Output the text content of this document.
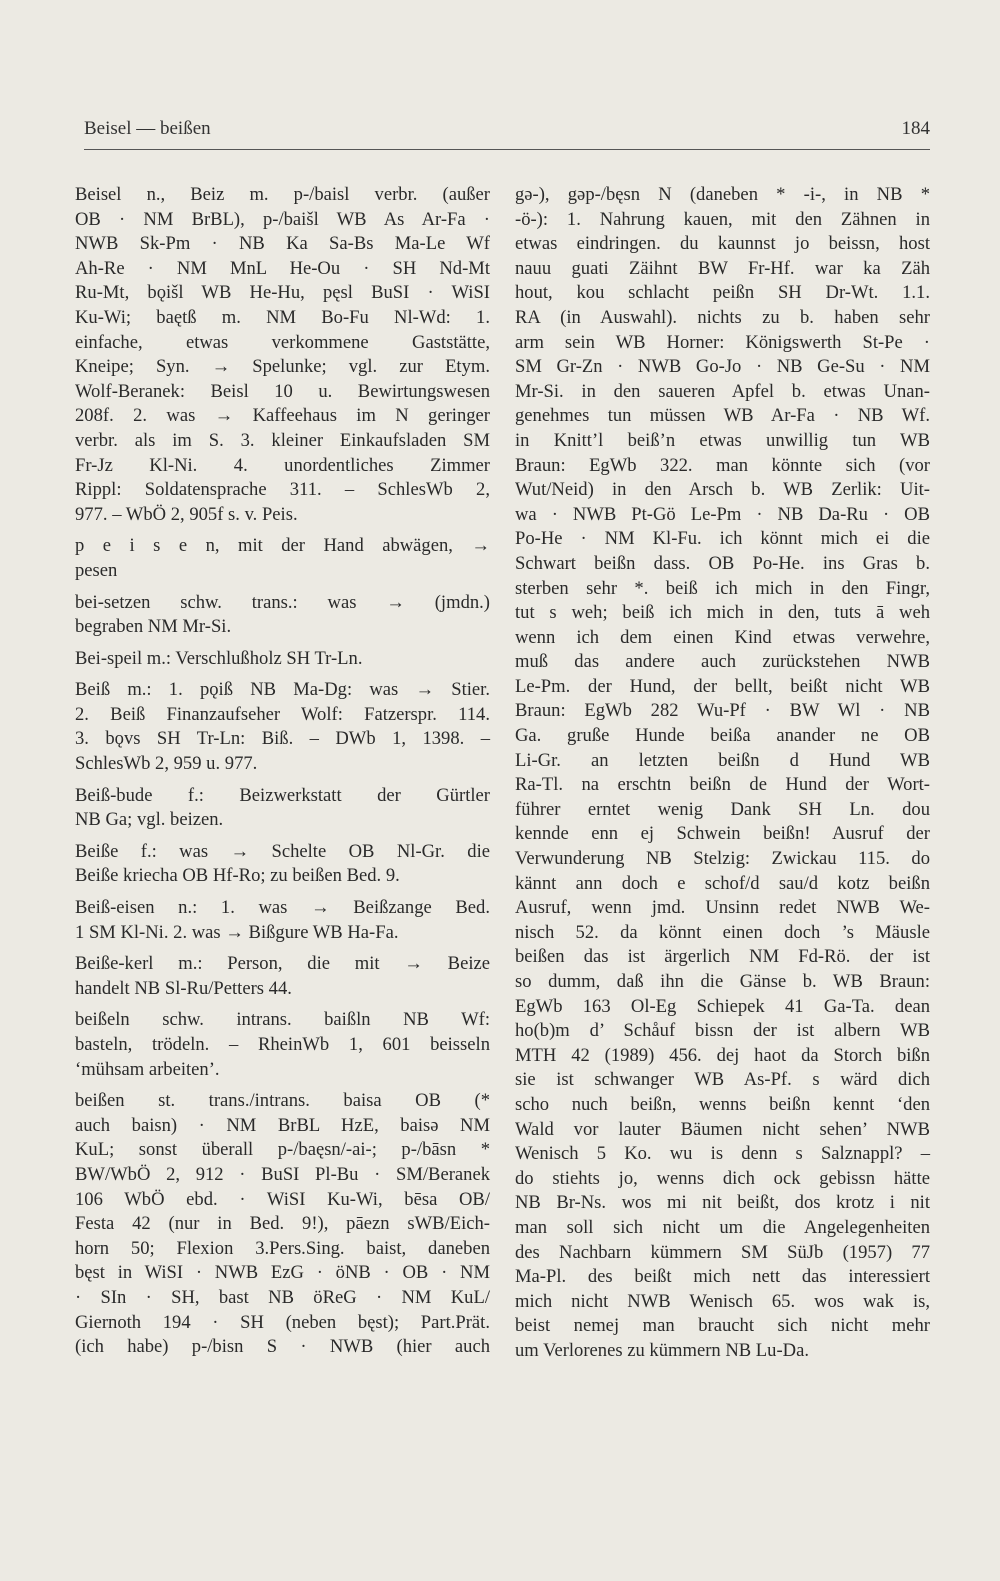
Beisel — beißen	184
Beisel n., Beiz m. p-/baisl verbr. (außer
OB · NM BrBL), p-/baišl WB As Ar-Fa ·
NWB Sk-Pm · NB Ka Sa-Bs Ma-Le Wf
Ah-Re · NM MnL He-Ou · SH Nd-Mt
Ru-Mt, bǫišl WB He-Hu, pęsl BuSI · WiSI
Ku-Wi; baętß m. NM Bo-Fu Nl-Wd: 1.
einfache, etwas verkommene Gaststätte,
Kneipe; Syn. → Spelunke; vgl. zur Etym.
Wolf-Beranek: Beisl 10 u. Bewirtungswesen
208f. 2. was → Kaffeehaus im N geringer
verbr. als im S. 3. kleiner Einkaufsladen SM
Fr-Jz Kl-Ni. 4. unordentliches Zimmer
Rippl: Soldatensprache 311. – SchlesWb 2,
977. – WbÖ 2, 905f s. v. Peis.
p e i s e n, mit der Hand abwägen, →
pesen
bei-setzen schw. trans.: was → (jmdn.)
begraben NM Mr-Si.
Bei-speil m.: Verschlußholz SH Tr-Ln.
Beiß m.: 1. pǫiß NB Ma-Dg: was → Stier.
2. Beiß Finanzaufseher Wolf: Fatzerspr. 114.
3. bǫvs SH Tr-Ln: Biß. – DWb 1, 1398. –
SchlesWb 2, 959 u. 977.
Beiß-bude f.: Beizwerkstatt der Gürtler
NB Ga; vgl. beizen.
Beiße f.: was → Schelte OB Nl-Gr. die
Beiße kriecha OB Hf-Ro; zu beißen Bed. 9.
Beiß-eisen n.: 1. was → Beißzange Bed.
1 SM Kl-Ni. 2. was → Bißgure WB Ha-Fa.
Beiße-kerl m.: Person, die mit → Beize
handelt NB Sl-Ru/Petters 44.
beißeln schw. intrans. baißln NB Wf:
basteln, trödeln. – RheinWb 1, 601 beisseln
‘mühsam arbeiten’.
beißen st. trans./intrans. baisa OB (*
auch baisn) · NM BrBL HzE, baisə NM
KuL; sonst überall p-/baęsn/-ai-; p-/bāsn *
BW/WbÖ 2, 912 · BuSI Pl-Bu · SM/Beranek
106 WbÖ ebd. · WiSI Ku-Wi, bēsa OB/
Festa 42 (nur in Bed. 9!), pāezn sWB/Eich-
horn 50; Flexion 3.Pers.Sing. baist, daneben
bęst in WiSI · NWB EzG · öNB · OB · NM
· SIn · SH, bast NB öReG · NM KuL/
Giernoth 194 · SH (neben bęst); Part.Prät.
(ich habe) p-/bisn S · NWB (hier auch
gə-), gəp-/bęsn N (daneben * -i-, in NB *
-ö-): 1. Nahrung kauen, mit den Zähnen in
etwas eindringen. du kaunnst jo beissn, host
nauu guati Zäihnt BW Fr-Hf. war ka Zäh
hout, kou schlacht peißn SH Dr-Wt. 1.1.
RA (in Auswahl). nichts zu b. haben sehr
arm sein WB Horner: Königswerth St-Pe ·
SM Gr-Zn · NWB Go-Jo · NB Ge-Su · NM
Mr-Si. in den saueren Apfel b. etwas Unan-
genehmes tun müssen WB Ar-Fa · NB Wf.
in Knitt’l beiß’n etwas unwillig tun WB
Braun: EgWb 322. man könnte sich (vor
Wut/Neid) in den Arsch b. WB Zerlik: Uit-
wa · NWB Pt-Gö Le-Pm · NB Da-Ru · OB
Po-He · NM Kl-Fu. ich könnt mich ei die
Schwart beißn dass. OB Po-He. ins Gras b.
sterben sehr *. beiß ich mich in den Fingr,
tut s weh; beiß ich mich in den, tuts ā weh
wenn ich dem einen Kind etwas verwehre,
muß das andere auch zurückstehen NWB
Le-Pm. der Hund, der bellt, beißt nicht WB
Braun: EgWb 282 Wu-Pf · BW Wl · NB
Ga. gruße Hunde beißa anander ne OB
Li-Gr. an letzten beißn d Hund WB
Ra-Tl. na erschtn beißn de Hund der Wort-
führer erntet wenig Dank SH Ln. dou
kennde enn ej Schwein beißn! Ausruf der
Verwunderung NB Stelzig: Zwickau 115. do
kännt ann doch e schof/d sau/d kotz beißn
Ausruf, wenn jmd. Unsinn redet NWB We-
nisch 52. da könnt einen doch ’s Mäusle
beißen das ist ärgerlich NM Fd-Rö. der ist
so dumm, daß ihn die Gänse b. WB Braun:
EgWb 163 Ol-Eg Schiepek 41 Ga-Ta. dean
ho(b)m d’ Schåuf bissn der ist albern WB
MTH 42 (1989) 456. dej haot da Storch bißn
sie ist schwanger WB As-Pf. s wärd dich
scho nuch beißn, wenns beißn kennt ‘den
Wald vor lauter Bäumen nicht sehen’ NWB
Wenisch 5 Ko. wu is denn s Salznappl? –
do stiehts jo, wenns dich ock gebissn hätte
NB Br-Ns. wos mi nit beißt, dos krotz i nit
man soll sich nicht um die Angelegenheiten
des Nachbarn kümmern SM SüJb (1957) 77
Ma-Pl. des beißt mich nett das interessiert
mich nicht NWB Wenisch 65. wos wak is,
beist nemej man braucht sich nicht mehr
um Verlorenes zu kümmern NB Lu-Da.
